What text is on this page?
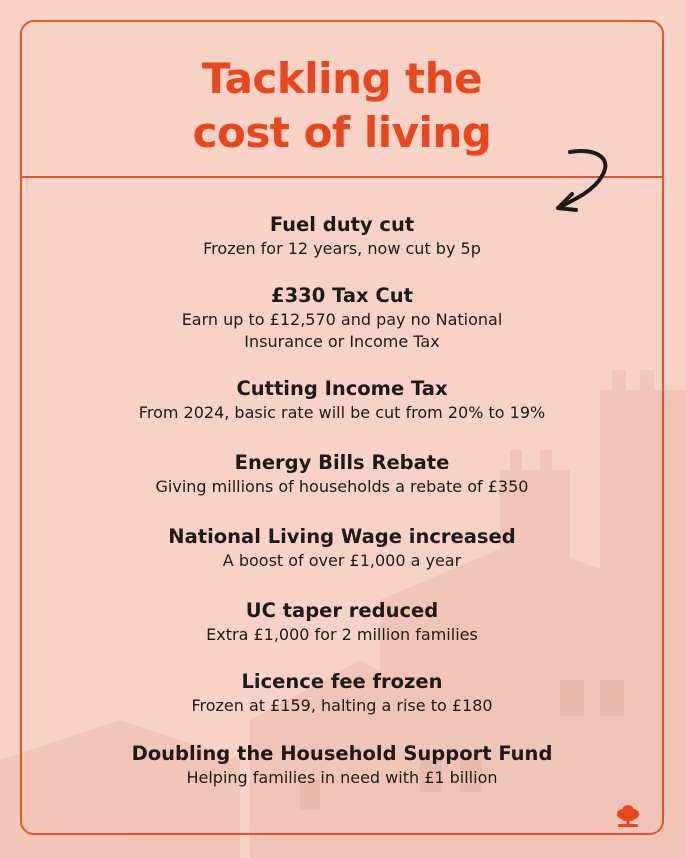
Tackling the
cost of living
Fuel duty cut
Frozen for 12 years, now cut by 5p
£330 Tax Cut
Earn up to £12,570 and pay no National
Insurance or Income Tax
Cutting Income Tax
From 2024, basic rate will be cut from 20% to 19%
Energy Bills Rebate
Giving millions of households a rebate of £350
National Living Wage increased
A boost of over £1,000 a year
UC taper reduced
Extra £1,000 for 2 million families
Licence fee frozen
Frozen at £159, halting a rise to £180
Doubling the Household Support Fund
Helping families in need with £1 billion
